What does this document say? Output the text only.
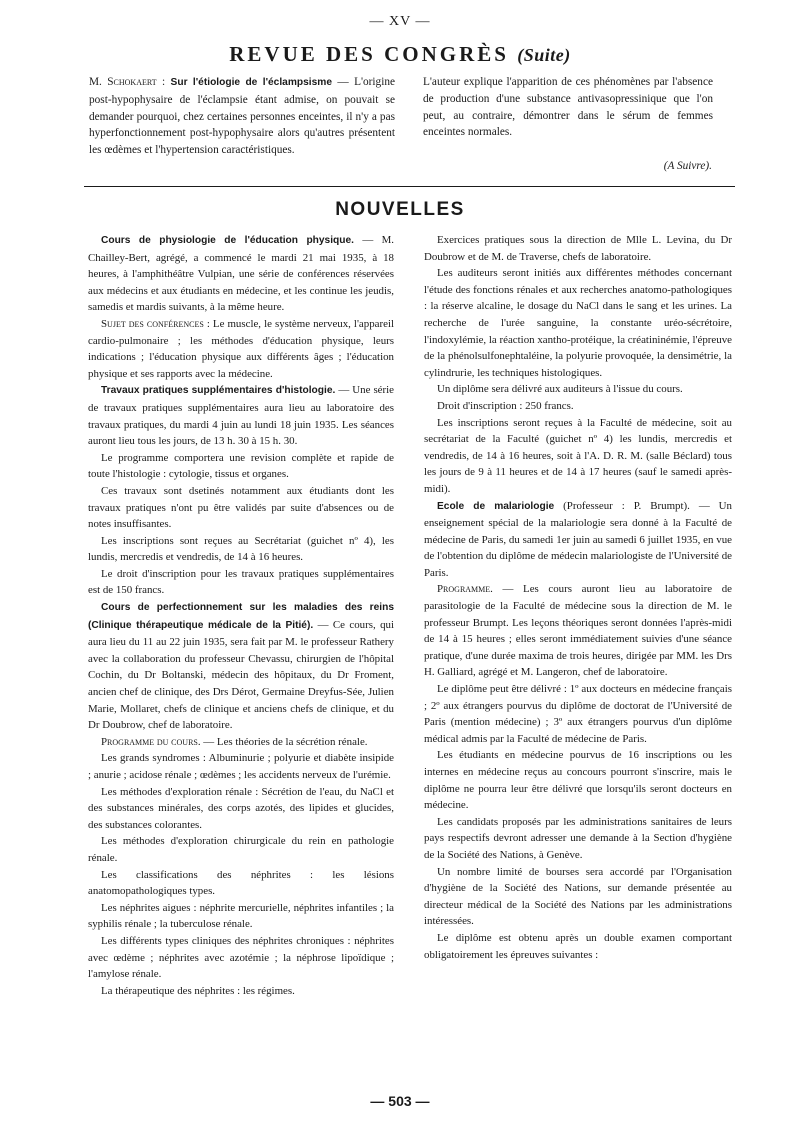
— XV —
REVUE DES CONGRÈS (Suite)
M. Schokaert : Sur l'étiologie de l'éclampsisme — L'origine post-hypophysaire de l'éclampsie étant admise, on pouvait se demander pourquoi, chez certaines personnes enceintes, il n'y a pas hyperfonctionnement post-hypophysaire alors qu'autres présentent les œdèmes et l'hypertension caractéristiques.
L'auteur explique l'apparition de ces phénomènes par l'absence de production d'une substance antivasopressinique que l'on peut, au contraire, démontrer dans le sérum de femmes enceintes normales.
(A Suivre).
NOUVELLES

Cours de physiologie de l'éducation physique. — M. Chailley-Bert, agrégé, a commencé le mardi 21 mai 1935, à 18 heures, à l'amphithéâtre Vulpian, une série de conférences réservées aux médecins et aux étudiants en médecine, et les continue les jeudis, samedis et mardis suivants, à la même heure.

Sujet des conférences : Le muscle, le système nerveux, l'appareil cardio-pulmonaire ; les méthodes d'éducation physique, leurs indications ; l'éducation physique aux différents âges ; l'éducation physique et ses rapports avec la médecine.

Travaux pratiques supplémentaires d'histologie. — Une série de travaux pratiques supplémentaires aura lieu au laboratoire des travaux pratiques, du mardi 4 juin au lundi 18 juin 1935. Les séances auront lieu tous les jours, de 13 h. 30 à 15 h. 30.

Le programme comportera une revision complète et rapide de toute l'histologie : cytologie, tissus et organes.

Ces travaux sont dsetinés notamment aux étudiants dont les travaux pratiques n'ont pu être validés par suite d'absences ou de notes insuffisantes.

Les inscriptions sont reçues au Secrétariat (guichet nº 4), les lundis, mercredis et vendredis, de 14 à 16 heures.

Le droit d'inscription pour les travaux pratiques supplémentaires est de 150 francs.

Cours de perfectionnement sur les maladies des reins (Clinique thérapeutique médicale de la Pitié). — Ce cours, qui aura lieu du 11 au 22 juin 1935, sera fait par M. le professeur Rathery avec la collaboration du professeur Chevassu, chirurgien de l'hôpital Cochin, du Dr Boltanski, médecin des hôpitaux, du Dr Froment, ancien chef de clinique, des Drs Dérot, Germaine Dreyfus-Sée, Julien Marie, Mollaret, chefs de clinique et anciens chefs de clinique, et du Dr Doubrow, chef de laboratoire.

Programme du cours. — Les théories de la sécrétion rénale.

Les grands syndromes : Albuminurie ; polyurie et diabète insipide ; anurie ; acidose rénale ; œdèmes ; les accidents nerveux de l'urémie.

Les méthodes d'exploration rénale : Sécrétion de l'eau, du NaCl et des substances minérales, des corps azotés, des lipides et glucides, des substances colorantes.

Les méthodes d'exploration chirurgicale du rein en pathologie rénale.

Les classifications des néphrites : les lésions anatomopathologiques types.

Les néphrites aigues : néphrite mercurielle, néphrites infantiles ; la syphilis rénale ; la tuberculose rénale.

Les différents types cliniques des néphrites chroniques : néphrites avec œdème ; néphrites avec azotémie ; la néphrose lipoïdique ; l'amylose rénale.

La thérapeutique des néphrites : les régimes.

Exercices pratiques sous la direction de Mlle L. Levina, du Dr Doubrow et de M. de Traverse, chefs de laboratoire.

Les auditeurs seront initiés aux différentes méthodes concernant l'étude des fonctions rénales et aux recherches anatomo-pathologiques : la réserve alcaline, le dosage du NaCl dans le sang et les urines. La recherche de l'urée sanguine, la constante uréo-sécrétoire, l'indoxylémie, la réaction xantho-protéique, la créatininémie, l'épreuve de la phénolsulfonephtaléine, la polyurie provoquée, la densimétrie, la cylindrurie, les techniques histologiques.

Un diplôme sera délivré aux auditeurs à l'issue du cours.

Droit d'inscription : 250 francs.

Les inscriptions seront reçues à la Faculté de médecine, soit au secrétariat de la Faculté (guichet nº 4) les lundis, mercredis et vendredis, de 14 à 16 heures, soit à l'A. D. R. M. (salle Béclard) tous les jours de 9 à 11 heures et de 14 à 17 heures (sauf le samedi après-midi).

Ecole de malariologie (Professeur : P. Brumpt). — Un enseignement spécial de la malariologie sera donné à la Faculté de médecine de Paris, du samedi 1er juin au samedi 6 juillet 1935, en vue de l'obtention du diplôme de médecin malariologiste de l'Université de Paris.

Programme. — Les cours auront lieu au laboratoire de parasitologie de la Faculté de médecine sous la direction de M. le professeur Brumpt. Les leçons théoriques seront données l'après-midi de 14 à 15 heures ; elles seront immédiatement suivies d'une séance pratique, d'une durée maxima de trois heures, dirigée par MM. les Drs H. Galliard, agrégé et M. Langeron, chef de laboratoire.

Le diplôme peut être délivré : 1º aux docteurs en médecine français ; 2º aux étrangers pourvus du diplôme de doctorat de l'Université de Paris (mention médecine) ; 3º aux étrangers pourvus d'un diplôme médical admis par la Faculté de médecine de Paris.

Les étudiants en médecine pourvus de 16 inscriptions ou les internes en médecine reçus au concours pourront s'inscrire, mais le diplôme ne pourra leur être délivré que lorsqu'ils seront docteurs en médecine.

Les candidats proposés par les administrations sanitaires de leurs pays respectifs devront adresser une demande à la Section d'hygiène de la Société des Nations, à Genève.

Un nombre limité de bourses sera accordé par l'Organisation d'hygiène de la Société des Nations, sur demande présentée au directeur médical de la Société des Nations par les administrations intéressées.

Le diplôme est obtenu après un double examen comportant obligatoirement les épreuves suivantes :

— 503 —
